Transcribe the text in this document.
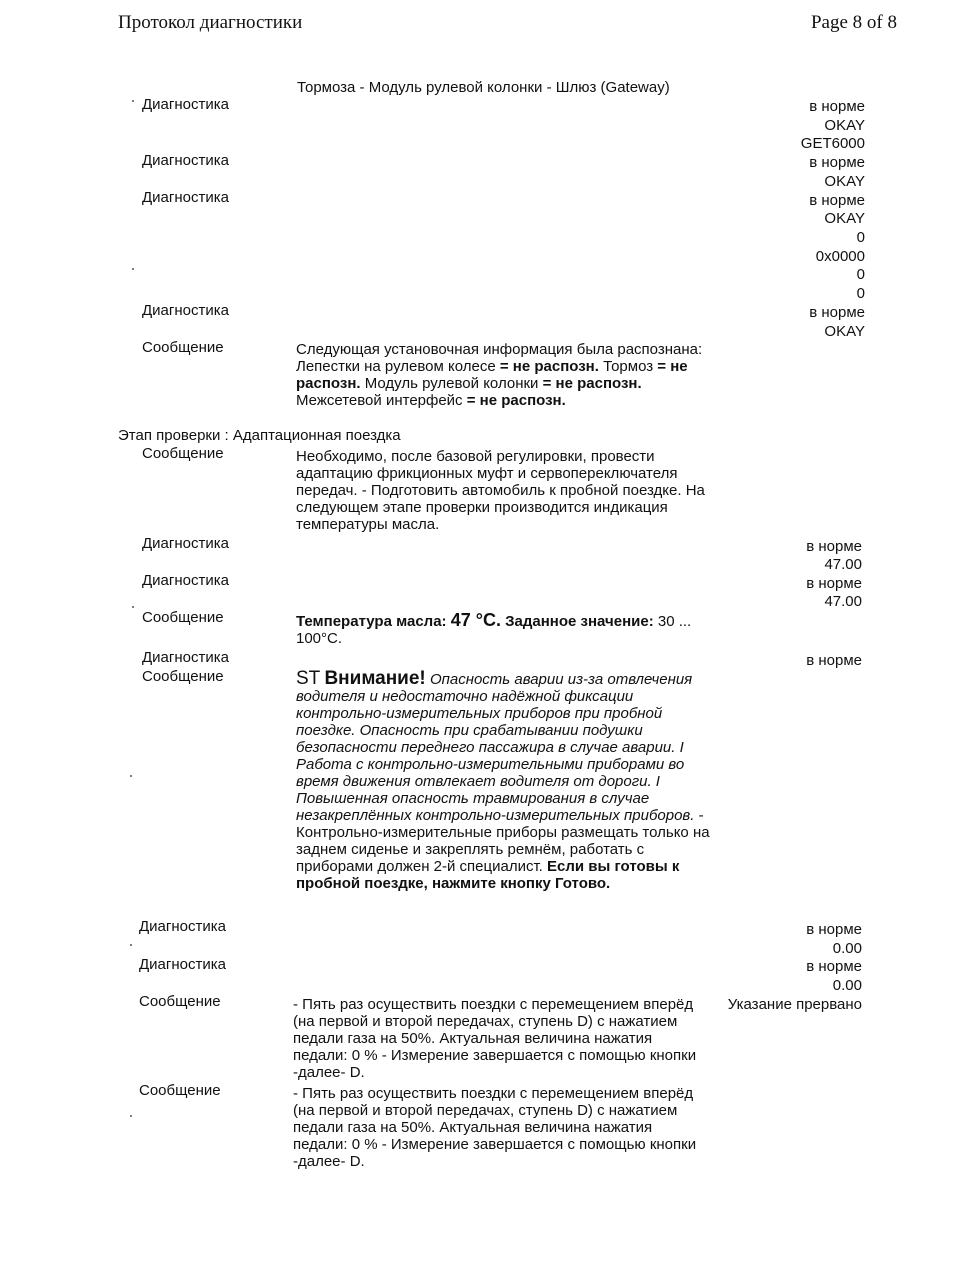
Протокол диагностики	Page 8 of 8
Тормоза - Модуль рулевой колонки - Шлюз (Gateway)
Диагностика
Диагностика
Диагностика
Диагностика
Сообщение
Этап проверки : Адаптационная поездка
Сообщение
Диагностика
Диагностика
Сообщение
Диагностика
Сообщение
Диагностика
Диагностика
Сообщение
Сообщение
в норме
OKAY
GET6000
в норме
OKAY
в норме
OKAY
0
0x0000
0
0
в норме
OKAY
в норме
47.00
в норме
47.00
в норме
в норме
0.00
в норме
0.00
Указание прервано
Следующая установочная информация была распознана: Лепестки на рулевом колесе = не распозн. Тормоз = не распозн. Модуль рулевой колонки = не распозн. Межсетевой интерфейс = не распозн.
Необходимо, после базовой регулировки, провести адаптацию фрикционных муфт и сервопереключателя передач. - Подготовить автомобиль к пробной поездке. На следующем этапе проверки производится индикация температуры масла.
Температура масла: 47 °C. Заданное значение: 30 ... 100°C.
ST Внимание! Опасность аварии из-за отвлечения водителя и недостаточно надёжной фиксации контрольно-измерительных приборов при пробной поездке. Опасность при срабатывании подушки безопасности переднего пассажира в случае аварии. I Работа с контрольно-измерительными приборами во время движения отвлекает водителя от дороги. I Повышенная опасность травмирования в случае незакреплённых контрольно-измерительных приборов. - Контрольно-измерительные приборы размещать только на заднем сиденье и закреплять ремнём, работать с приборами должен 2-й специалист. Если вы готовы к пробной поездке, нажмите кнопку Готово.
- Пять раз осуществить поездки с перемещением вперёд (на первой и второй передачах, ступень D) с нажатием педали газа на 50%. Актуальная величина нажатия педали: 0 % - Измерение завершается с помощью кнопки -далее- D.
- Пять раз осуществить поездки с перемещением вперёд (на первой и второй передачах, ступень D) с нажатием педали газа на 50%. Актуальная величина нажатия педали: 0 % - Измерение завершается с помощью кнопки -далее- D.
